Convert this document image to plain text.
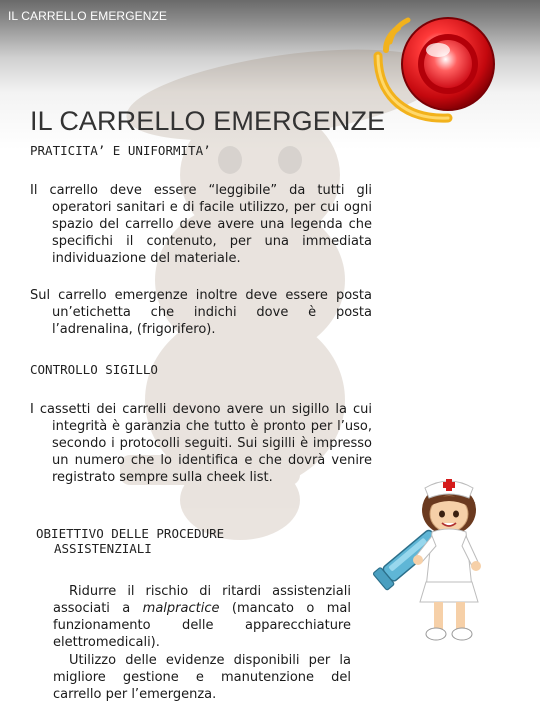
IL CARRELLO EMERGENZE
IL CARRELLO EMERGENZE
PRATICITA’ E UNIFORMITA’
Il carrello deve essere “leggibile” da tutti gli operatori sanitari e di facile utilizzo, per cui ogni spazio del carrello deve avere una legenda che specifichi il contenuto, per una immediata individuazione del materiale.
Sul carrello emergenze inoltre deve essere posta un’etichetta che indichi dove è posta l’adrenalina, (frigorifero).
CONTROLLO SIGILLO
I cassetti dei carrelli devono avere un sigillo la cui integrità è garanzia che tutto è pronto per l’uso, secondo i protocolli seguiti. Sui sigilli è impresso un numero che lo identifica e che dovrà venire registrato sempre sulla cheek list.
OBIETTIVO DELLE PROCEDURE
ASSISTENZIALI
Ridurre il rischio di ritardi assistenziali associati a malpractice (mancato o mal funzionamento delle apparecchiature elettromedicali).
Utilizzo delle evidenze disponibili per la migliore gestione e manutenzione del carrello per l’emergenza.
